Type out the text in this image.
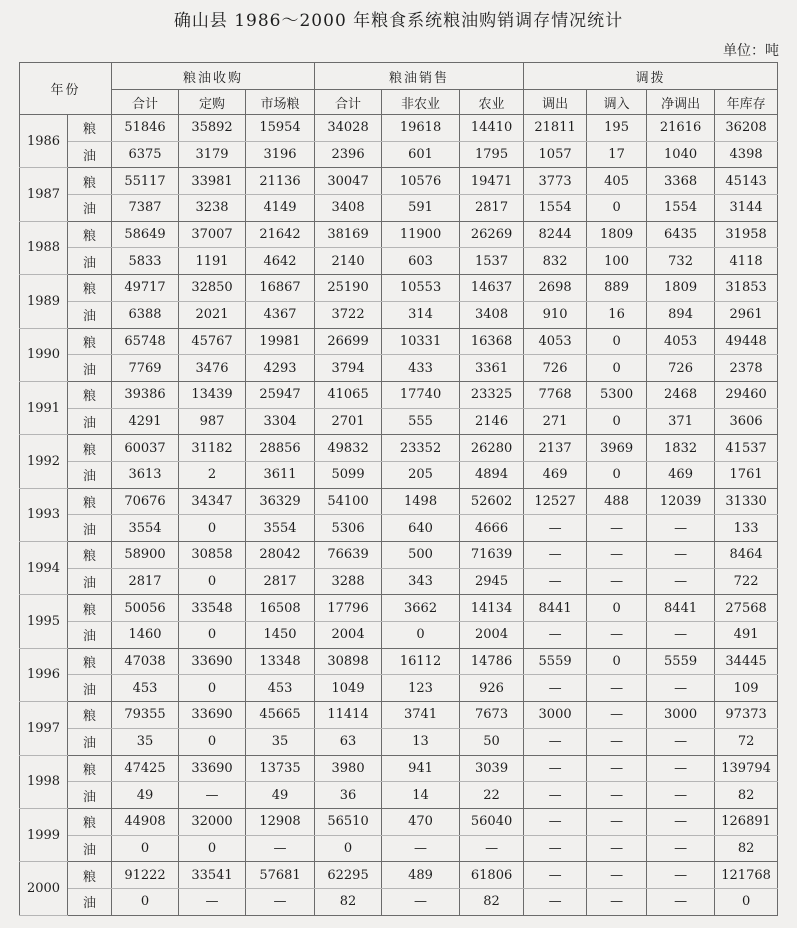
确山县 1986～2000 年粮食系统粮油购销调存情况统计
单位：吨
年份		粮油收购			粮油销售			调拨			
		合计	定购	市场粮	合计	非农业	农业	调出	调入	净调出	年库存
1986	粮	51846	35892	15954	34028	19618	14410	21811	195	21616	36208
	油	6375	3179	3196	2396	601	1795	1057	17	1040	4398
1987	粮	55117	33981	21136	30047	10576	19471	3773	405	3368	45143
	油	7387	3238	4149	3408	591	2817	1554	0	1554	3144
1988	粮	58649	37007	21642	38169	11900	26269	8244	1809	6435	31958
	油	5833	1191	4642	2140	603	1537	832	100	732	4118
1989	粮	49717	32850	16867	25190	10553	14637	2698	889	1809	31853
	油	6388	2021	4367	3722	314	3408	910	16	894	2961
1990	粮	65748	45767	19981	26699	10331	16368	4053	0	4053	49448
	油	7769	3476	4293	3794	433	3361	726	0	726	2378
1991	粮	39386	13439	25947	41065	17740	23325	7768	5300	2468	29460
	油	4291	987	3304	2701	555	2146	271	0	371	3606
1992	粮	60037	31182	28856	49832	23352	26280	2137	3969	1832	41537
	油	3613	2	3611	5099	205	4894	469	0	469	1761
1993	粮	70676	34347	36329	54100	1498	52602	12527	488	12039	31330
	油	3554	0	3554	5306	640	4666	—	—	—	133
1994	粮	58900	30858	28042	76639	500	71639	—	—	—	8464
	油	2817	0	2817	3288	343	2945	—	—	—	722
1995	粮	50056	33548	16508	17796	3662	14134	8441	0	8441	27568
	油	1460	0	1450	2004	0	2004	—	—	—	491
1996	粮	47038	33690	13348	30898	16112	14786	5559	0	5559	34445
	油	453	0	453	1049	123	926	—	—	—	109
1997	粮	79355	33690	45665	11414	3741	7673	3000	—	3000	97373
	油	35	0	35	63	13	50	—	—	—	72
1998	粮	47425	33690	13735	3980	941	3039	—	—	—	139794
	油	49	—	49	36	14	22	—	—	—	82
1999	粮	44908	32000	12908	56510	470	56040	—	—	—	126891
	油	0	0	—	0	—	—	—	—	—	82
2000	粮	91222	33541	57681	62295	489	61806	—	—	—	121768
	油	0	—	—	82	—	82	—	—	—	0
